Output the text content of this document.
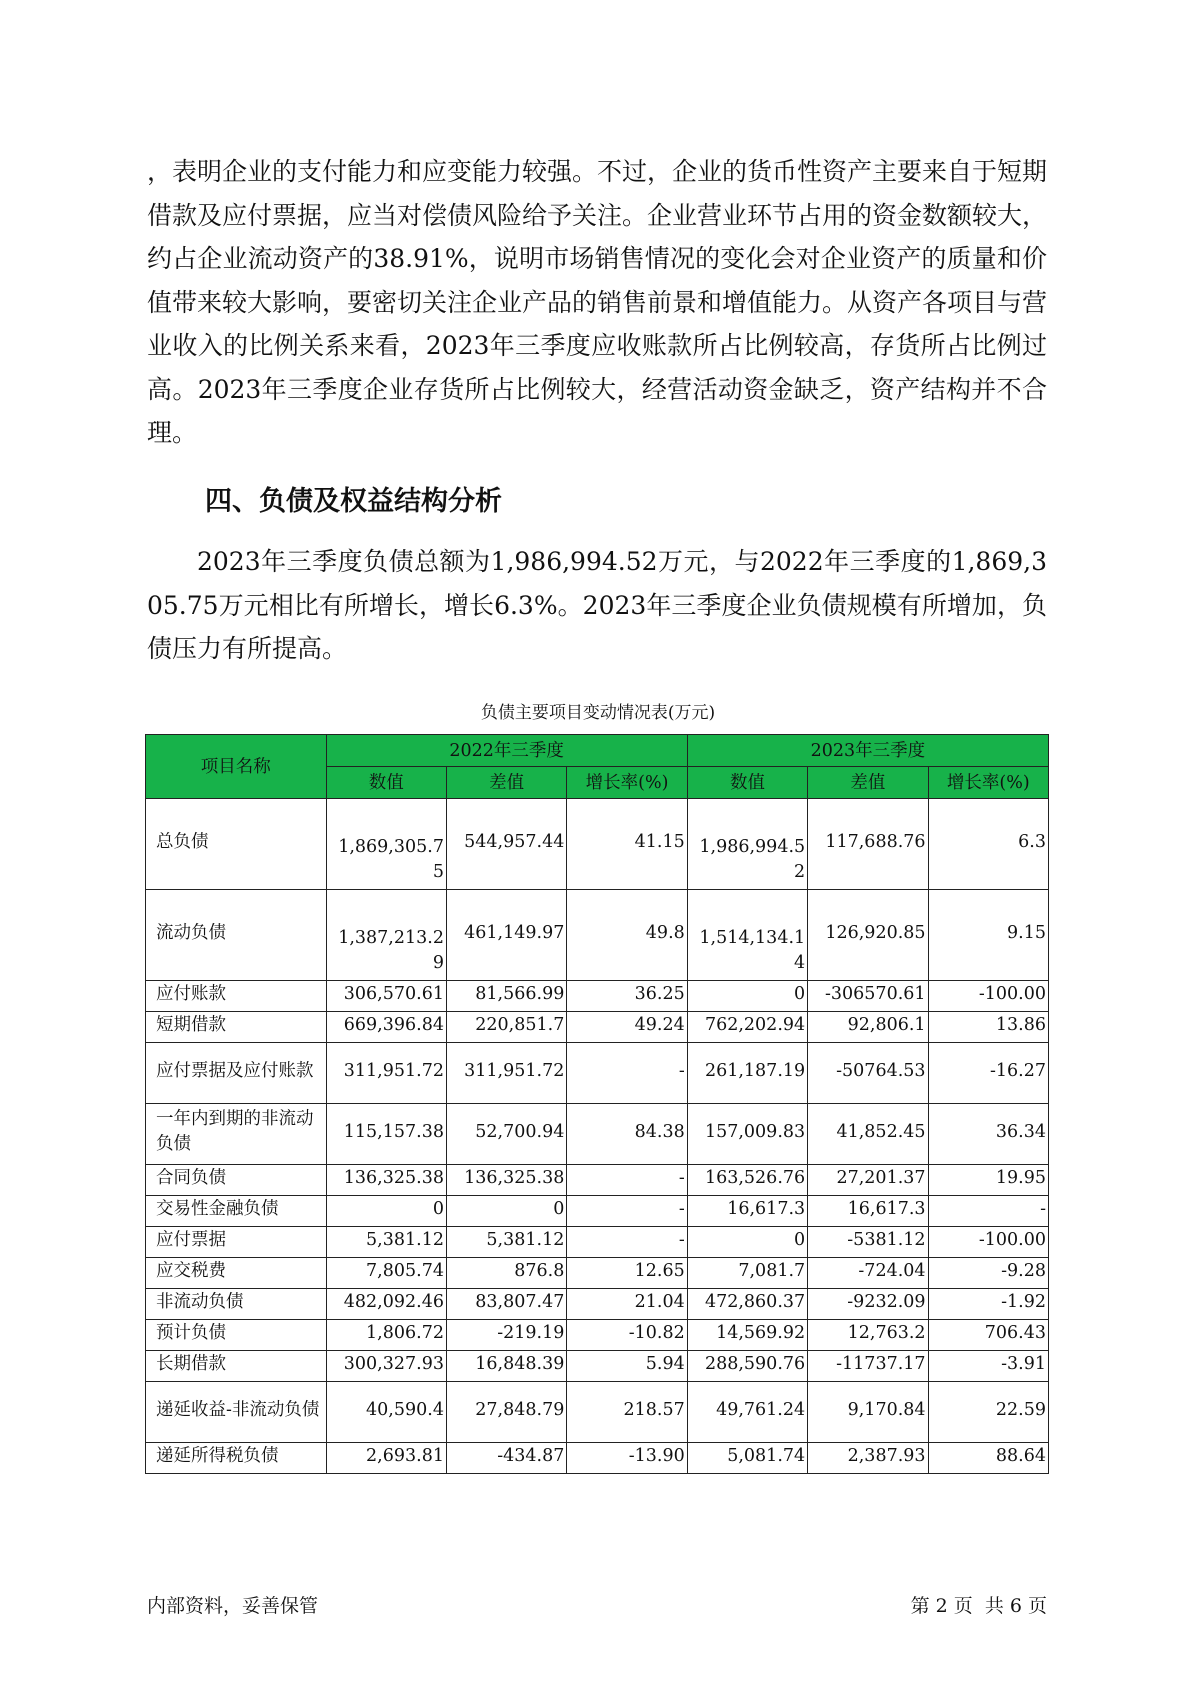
，表明企业的支付能力和应变能力较强。不过，企业的货币性资产主要来自于短期借款及应付票据，应当对偿债风险给予关注。企业营业环节占用的资金数额较大，约占企业流动资产的38.91%，说明市场销售情况的变化会对企业资产的质量和价值带来较大影响，要密切关注企业产品的销售前景和增值能力。从资产各项目与营业收入的比例关系来看，2023年三季度应收账款所占比例较高，存货所占比例过高。2023年三季度企业存货所占比例较大，经营活动资金缺乏，资产结构并不合理。

四、负债及权益结构分析

2023年三季度负债总额为1,986,994.52万元，与2022年三季度的1,869,305.75万元相比有所增长，增长6.3%。2023年三季度企业负债规模有所增加，负债压力有所提高。

负债主要项目变动情况表(万元)
项目名称	2022年三季度			2023年三季度		
	数值	差值	增长率(%)	数值	差值	增长率(%)
总负债	1,869,305.75	544,957.44	41.15	1,986,994.52	117,688.76	6.3
流动负债	1,387,213.29	461,149.97	49.8	1,514,134.14	126,920.85	9.15
应付账款	306,570.61	81,566.99	36.25	0	-306570.61	-100.00
短期借款	669,396.84	220,851.7	49.24	762,202.94	92,806.1	13.86
应付票据及应付账款	311,951.72	311,951.72	-	261,187.19	-50764.53	-16.27
一年内到期的非流动负债	115,157.38	52,700.94	84.38	157,009.83	41,852.45	36.34
合同负债	136,325.38	136,325.38	-	163,526.76	27,201.37	19.95
交易性金融负债	0	0	-	16,617.3	16,617.3	-
应付票据	5,381.12	5,381.12	-	0	-5381.12	-100.00
应交税费	7,805.74	876.8	12.65	7,081.7	-724.04	-9.28
非流动负债	482,092.46	83,807.47	21.04	472,860.37	-9232.09	-1.92
预计负债	1,806.72	-219.19	-10.82	14,569.92	12,763.2	706.43
长期借款	300,327.93	16,848.39	5.94	288,590.76	-11737.17	-3.91
递延收益-非流动负债	40,590.4	27,848.79	218.57	49,761.24	9,170.84	22.59
递延所得税负债	2,693.81	-434.87	-13.90	5,081.74	2,387.93	88.64
内部资料，妥善保管	第 2 页  共 6 页
